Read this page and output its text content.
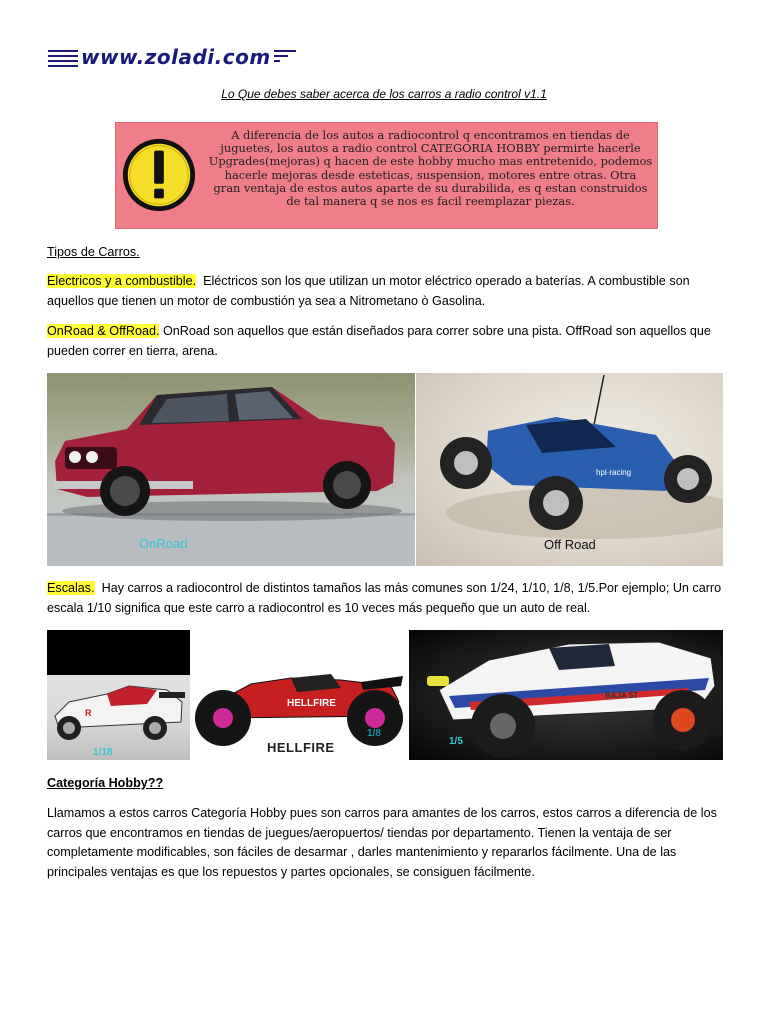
www.zoladi.com
Lo Que debes saber acerca de los carros a radio control v1.1
A diferencia de los autos a radiocontrol q encontramos en tiendas de
juguetes, los autos a radio control CATEGORIA HOBBY permirte hacerle
Upgrades(mejoras) q hacen de este hobby mucho mas entretenido, podemos
hacerle mejoras desde esteticas, suspension, motores entre otras. Otra
gran ventaja de estos autos aparte de su durabilida, es q estan construidos
de tal manera q se nos es facil reemplazar piezas.
Tipos de Carros.
Electricos y a combustible. Eléctricos son los que utilizan un motor eléctrico operado a baterías. A combustible son aquellos que tienen un motor de combustión ya sea a Nitrometano ò Gasolina.
OnRoad & OffRoad. OnRoad son aquellos que están diseñados para correr sobre una pista. OffRoad son aquellos que pueden correr en tierra, arena.
OnRoad
hpi·racing
Off Road
Escalas. Hay carros a radiocontrol de distintos tamaños las más comunes son 1/24, 1/10, 1/8, 1/5.Por ejemplo; Un carro escala 1/10 significa que este carro a radiocontrol es 10 veces más pequeño que un auto de real.
R
1/18
HELLFIRE
1/8
HELLFIRE
BAJA 5T
1/5
Categoría Hobby??
Llamamos a estos carros Categoría Hobby pues son carros para amantes de los carros, estos carros a diferencia de los carros que encontramos en tiendas de juegues/aeropuertos/ tiendas por departamento. Tienen la ventaja de ser completamente modificables, son fáciles de desarmar , darles mantenimiento y repararlos fácilmente. Una de las principales ventajas es que los repuestos y partes opcionales, se consiguen fácilmente.
